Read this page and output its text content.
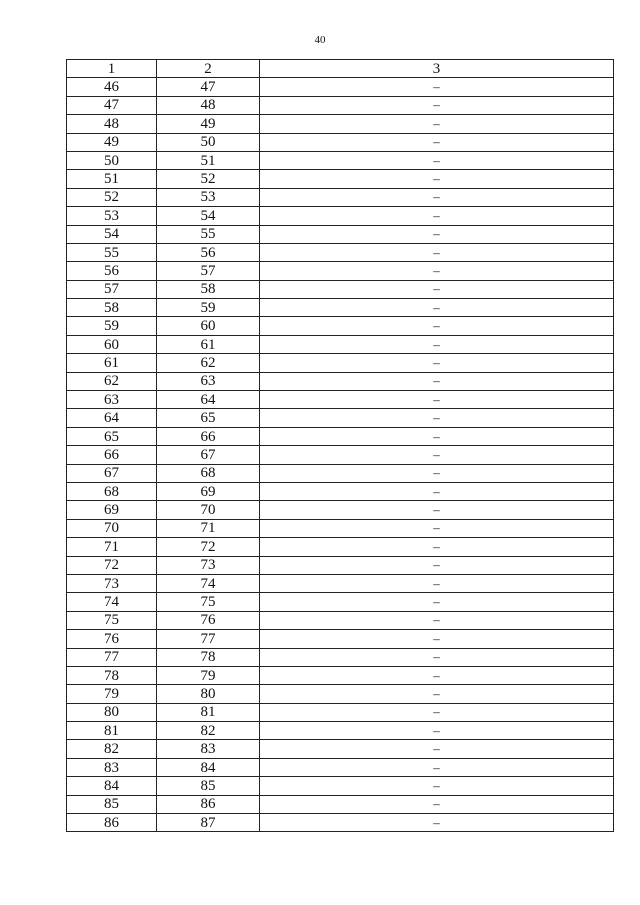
40
1	2	3
46	47	–
47	48	–
48	49	–
49	50	–
50	51	–
51	52	–
52	53	–
53	54	–
54	55	–
55	56	–
56	57	–
57	58	–
58	59	–
59	60	–
60	61	–
61	62	–
62	63	–
63	64	–
64	65	–
65	66	–
66	67	–
67	68	–
68	69	–
69	70	–
70	71	–
71	72	–
72	73	–
73	74	–
74	75	–
75	76	–
76	77	–
77	78	–
78	79	–
79	80	–
80	81	–
81	82	–
82	83	–
83	84	–
84	85	–
85	86	–
86	87	–
